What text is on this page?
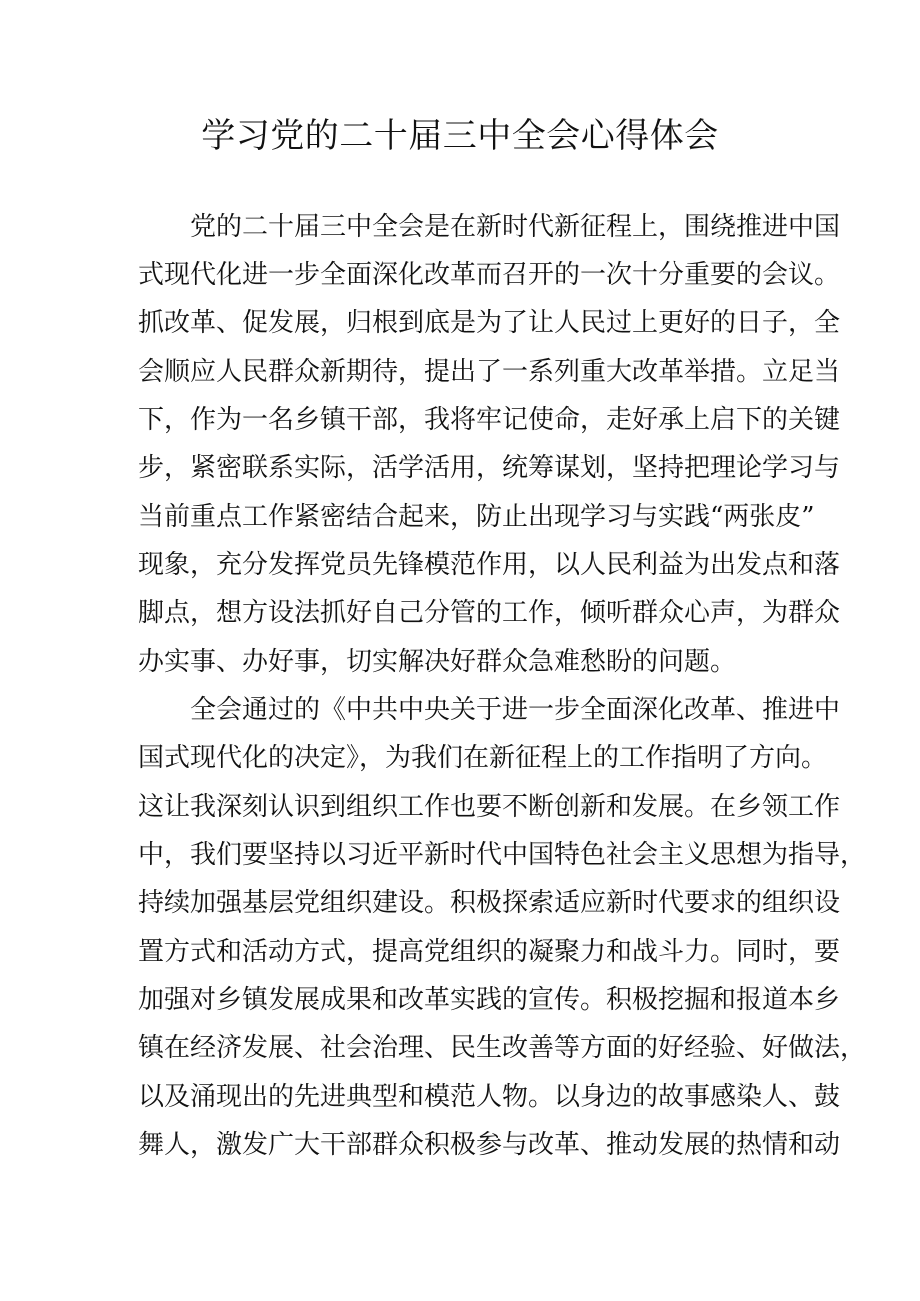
学习党的二十届三中全会心得体会
党的二十届三中全会是在新时代新征程上，围绕推进中国
式现代化进一步全面深化改革而召开的一次十分重要的会议。
抓改革、促发展，归根到底是为了让人民过上更好的日子，全
会顺应人民群众新期待，提出了一系列重大改革举措。立足当
下，作为一名乡镇干部，我将牢记使命，走好承上启下的关键
步，紧密联系实际，活学活用，统筹谋划，坚持把理论学习与
当前重点工作紧密结合起来，防止出现学习与实践“两张皮”
现象，充分发挥党员先锋模范作用，以人民利益为出发点和落
脚点，想方设法抓好自己分管的工作，倾听群众心声，为群众
办实事、办好事，切实解决好群众急难愁盼的问题。
全会通过的《中共中央关于进一步全面深化改革、推进中
国式现代化的决定》，为我们在新征程上的工作指明了方向。
这让我深刻认识到组织工作也要不断创新和发展。在乡领工作
中，我们要坚持以习近平新时代中国特色社会主义思想为指导，
持续加强基层党组织建设。积极探索适应新时代要求的组织设
置方式和活动方式，提高党组织的凝聚力和战斗力。同时，要
加强对乡镇发展成果和改革实践的宣传。积极挖掘和报道本乡
镇在经济发展、社会治理、民生改善等方面的好经验、好做法，
以及涌现出的先进典型和模范人物。以身边的故事感染人、鼓
舞人，激发广大干部群众积极参与改革、推动发展的热情和动
